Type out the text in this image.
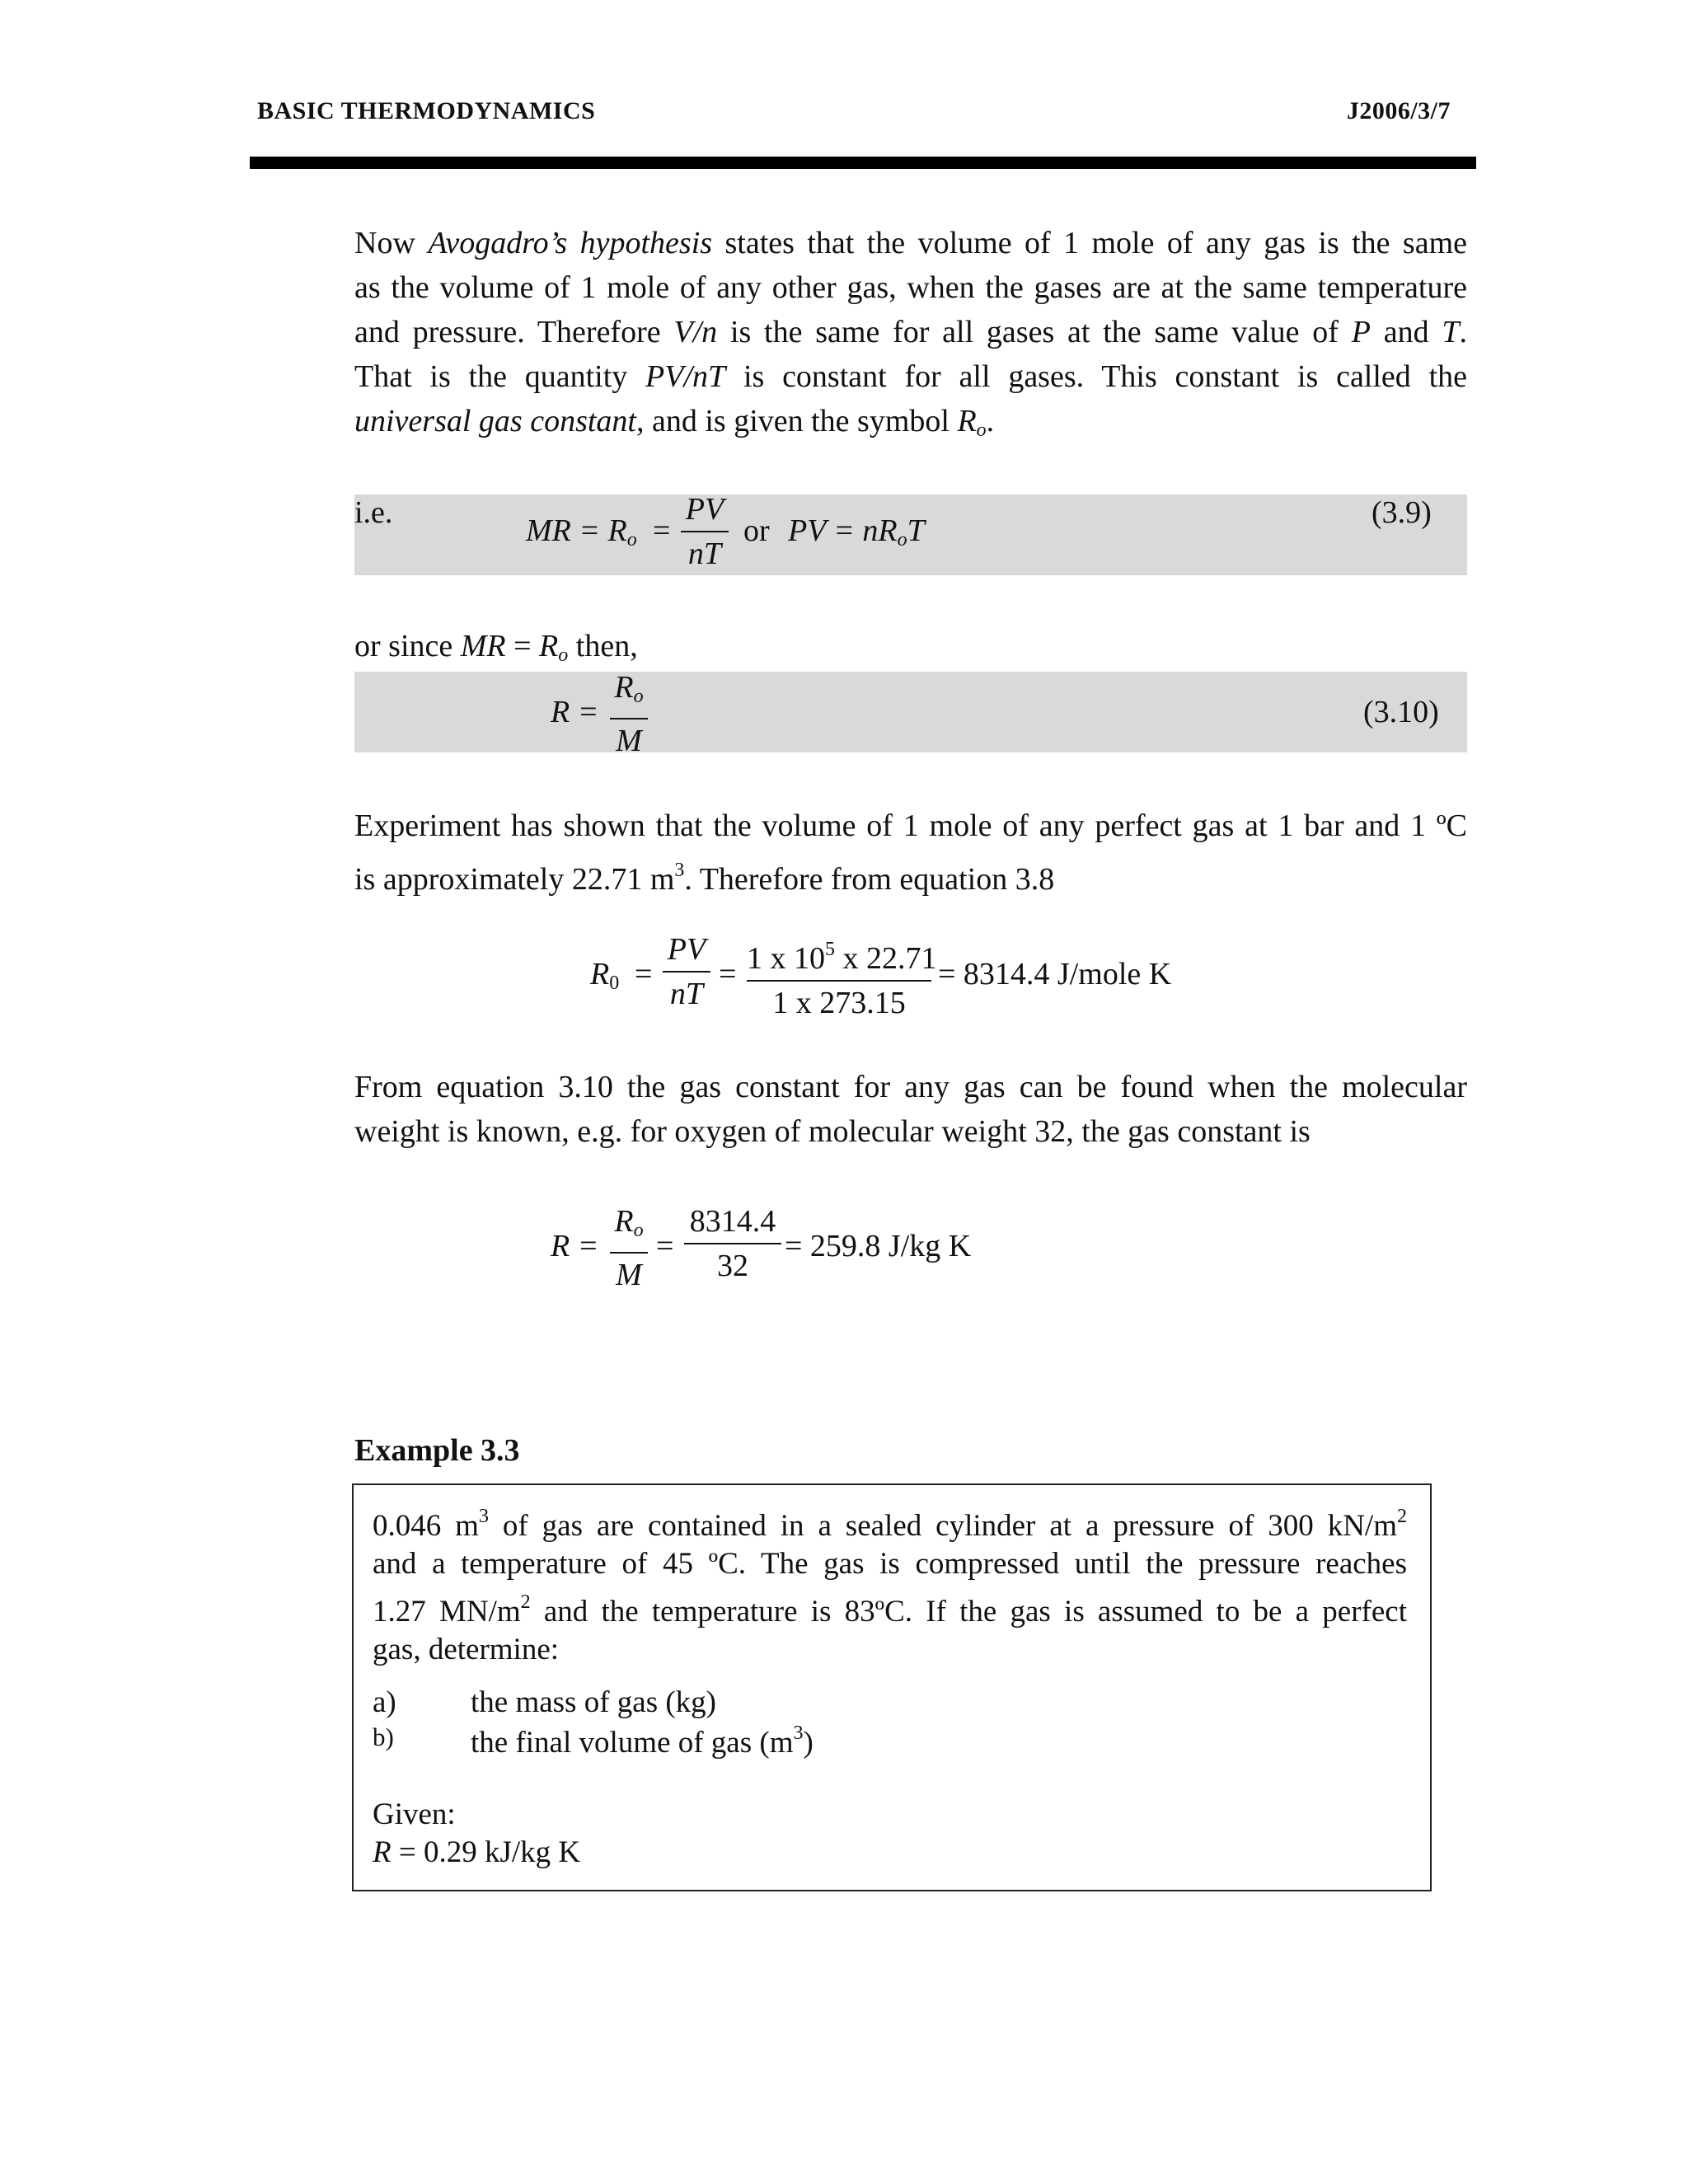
BASIC THERMODYNAMICS	J2006/3/7
Now Avogadro’s hypothesis states that the volume of 1 mole of any gas is the same
as the volume of 1 mole of any other gas, when the gases are at the same temperature
and pressure. Therefore V/n is the same for all gases at the same value of P and T.
That is the quantity PV/nT is constant for all gases. This constant is called the
universal gas constant, and is given the symbol $R_o$.
i.e.
MR = $R_o$ =
PV
nT
or PV = $nR_oT$
(3.9)
or since MR = $R_o$ then,
R =
$R_o$
M
(3.10)
Experiment has shown that the volume of 1 mole of any perfect gas at 1 bar and 1 ºC
is approximately 22.71 $m^3$. Therefore from equation 3.8
$R_0$ =
PV
nT
= 1 x $10^5$ x 22.71
1 x 273.15
= 8314.4 J/mole K
From equation 3.10 the gas constant for any gas can be found when the molecular
weight is known, e.g. for oxygen of molecular weight 32, the gas constant is
R =
$R_o$
M
=
8314.4
32
= 259.8 J/kg K
Example 3.3
0.046 $m^3$ of gas are contained in a sealed cylinder at a pressure of 300 $kN/m^2$
and a temperature of 45 ºC. The gas is compressed until the pressure reaches
1.27 $MN/m^2$ and the temperature is 83ºC. If the gas is assumed to be a perfect
gas, determine:
a) the mass of gas (kg)
b)	the final volume of gas $(m^3)$
Given:
R = 0.29 kJ/kg K
